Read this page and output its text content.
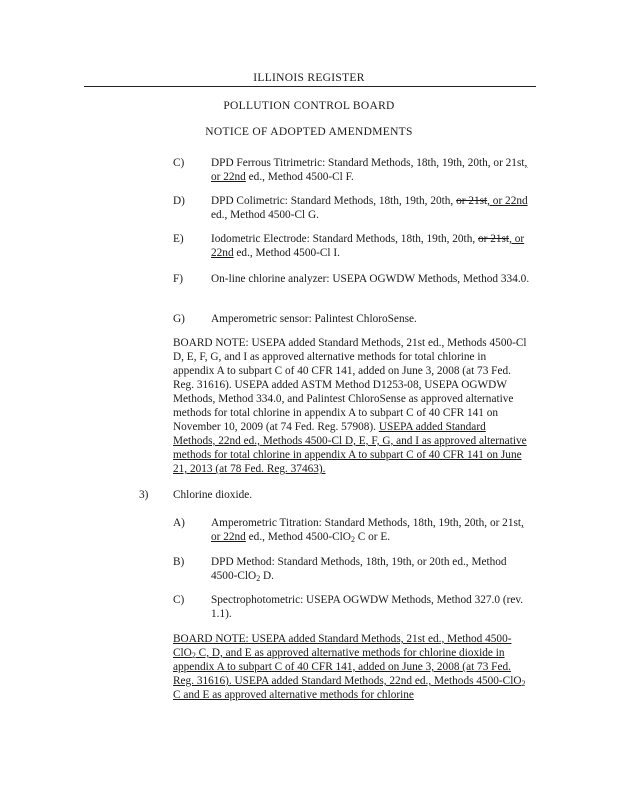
ILLINOIS REGISTER
POLLUTION CONTROL BOARD
NOTICE OF ADOPTED AMENDMENTS
C)	DPD Ferrous Titrimetric: Standard Methods, 18th, 19th, 20th, or 21st, or 22nd ed., Method 4500-Cl F.
D)	DPD Colimetric: Standard Methods, 18th, 19th, 20th, or 21st, or 22nd ed., Method 4500-Cl G.
E)	Iodometric Electrode: Standard Methods, 18th, 19th, 20th, or 21st, or 22nd ed., Method 4500-Cl I.
F)	On-line chlorine analyzer: USEPA OGWDW Methods, Method 334.0.
G)	Amperometric sensor: Palintest ChloroSense.
BOARD NOTE: USEPA added Standard Methods, 21st ed., Methods 4500-Cl D, E, F, G, and I as approved alternative methods for total chlorine in appendix A to subpart C of 40 CFR 141, added on June 3, 2008 (at 73 Fed. Reg. 31616). USEPA added ASTM Method D1253-08, USEPA OGWDW Methods, Method 334.0, and Palintest ChloroSense as approved alternative methods for total chlorine in appendix A to subpart C of 40 CFR 141 on November 10, 2009 (at 74 Fed. Reg. 57908). USEPA added Standard Methods, 22nd ed., Methods 4500-Cl D, E, F, G, and I as approved alternative methods for total chlorine in appendix A to subpart C of 40 CFR 141 on June 21, 2013 (at 78 Fed. Reg. 37463).
3) Chlorine dioxide.
A)	Amperometric Titration: Standard Methods, 18th, 19th, 20th, or 21st, or 22nd ed., Method 4500-ClO$_2$ C or E.
B)	DPD Method: Standard Methods, 18th, 19th, or 20th ed., Method 4500-ClO$_2$ D.
C)	Spectrophotometric: USEPA OGWDW Methods, Method 327.0 (rev. 1.1).
BOARD NOTE: USEPA added Standard Methods, 21st ed., Method 4500-ClO$_2$ C, D, and E as approved alternative methods for chlorine dioxide in appendix A to subpart C of 40 CFR 141, added on June 3, 2008 (at 73 Fed. Reg. 31616). USEPA added Standard Methods, 22nd ed., Methods 4500-ClO$_2$ C and E as approved alternative methods for chlorine
